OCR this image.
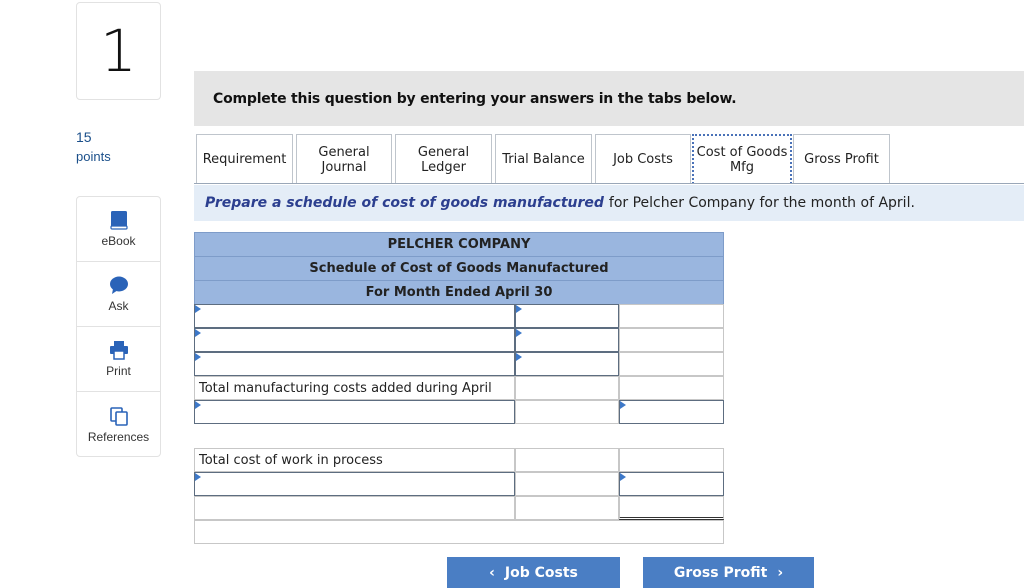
1
15
points
eBook
Ask
Print
References
Complete this question by entering your answers in the tabs below.
Requirement General
Journal
General
Ledger	Trial Balance Job Costs Cost of Goods
Mfg
Gross Profit
Prepare a schedule of cost of goods manufactured for Pelcher Company for the month of April.
PELCHER COMPANY
Schedule of Cost of Goods Manufactured
For Month Ended April 30
Total manufacturing costs added during April
Total cost of work in process
‹ Job Costs	Gross Profit ›
